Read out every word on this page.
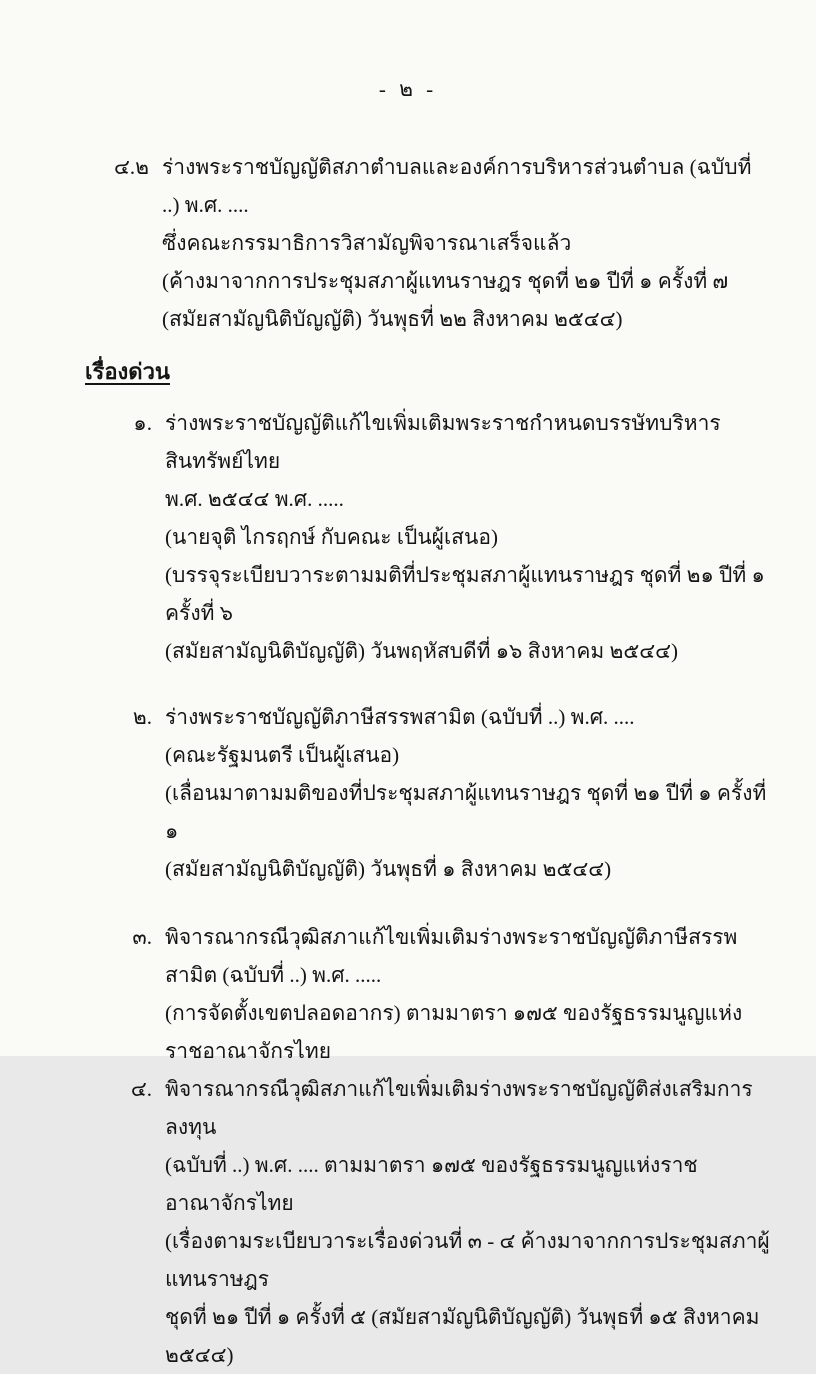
- ๒ -
๔.๒ ร่างพระราชบัญญัติสภาตำบลและองค์การบริหารส่วนตำบล (ฉบับที่ ..) พ.ศ. ....
ซึ่งคณะกรรมาธิการวิสามัญพิจารณาเสร็จแล้ว
(ค้างมาจากการประชุมสภาผู้แทนราษฎร ชุดที่ ๒๑ ปีที่ ๑ ครั้งที่ ๗
(สมัยสามัญนิติบัญญัติ) วันพุธที่ ๒๒ สิงหาคม ๒๕๔๔)
เรื่องด่วน
๑. ร่างพระราชบัญญัติแก้ไขเพิ่มเติมพระราชกำหนดบรรษัทบริหารสินทรัพย์ไทย
พ.ศ. ๒๕๔๔ พ.ศ. .....
(นายจุติ ไกรฤกษ์ กับคณะ เป็นผู้เสนอ)
(บรรจุระเบียบวาระตามมติที่ประชุมสภาผู้แทนราษฎร ชุดที่ ๒๑ ปีที่ ๑ ครั้งที่ ๖
(สมัยสามัญนิติบัญญัติ) วันพฤหัสบดีที่ ๑๖ สิงหาคม ๒๕๔๔)
๒. ร่างพระราชบัญญัติภาษีสรรพสามิต (ฉบับที่ ..) พ.ศ. ....
(คณะรัฐมนตรี เป็นผู้เสนอ)
(เลื่อนมาตามมติของที่ประชุมสภาผู้แทนราษฎร ชุดที่ ๒๑ ปีที่ ๑ ครั้งที่ ๑
(สมัยสามัญนิติบัญญัติ) วันพุธที่ ๑ สิงหาคม ๒๕๔๔)
๓. พิจารณากรณีวุฒิสภาแก้ไขเพิ่มเติมร่างพระราชบัญญัติภาษีสรรพสามิต (ฉบับที่ ..) พ.ศ. .....
(การจัดตั้งเขตปลอดอากร) ตามมาตรา ๑๗๕ ของรัฐธรรมนูญแห่งราชอาณาจักรไทย
๔. พิจารณากรณีวุฒิสภาแก้ไขเพิ่มเติมร่างพระราชบัญญัติส่งเสริมการลงทุน
(ฉบับที่ ..) พ.ศ. .... ตามมาตรา ๑๗๕ ของรัฐธรรมนูญแห่งราชอาณาจักรไทย
(เรื่องตามระเบียบวาระเรื่องด่วนที่ ๓ - ๔ ค้างมาจากการประชุมสภาผู้แทนราษฎร
ชุดที่ ๒๑ ปีที่ ๑ ครั้งที่ ๕ (สมัยสามัญนิติบัญญัติ) วันพุธที่ ๑๕ สิงหาคม ๒๕๔๔)
